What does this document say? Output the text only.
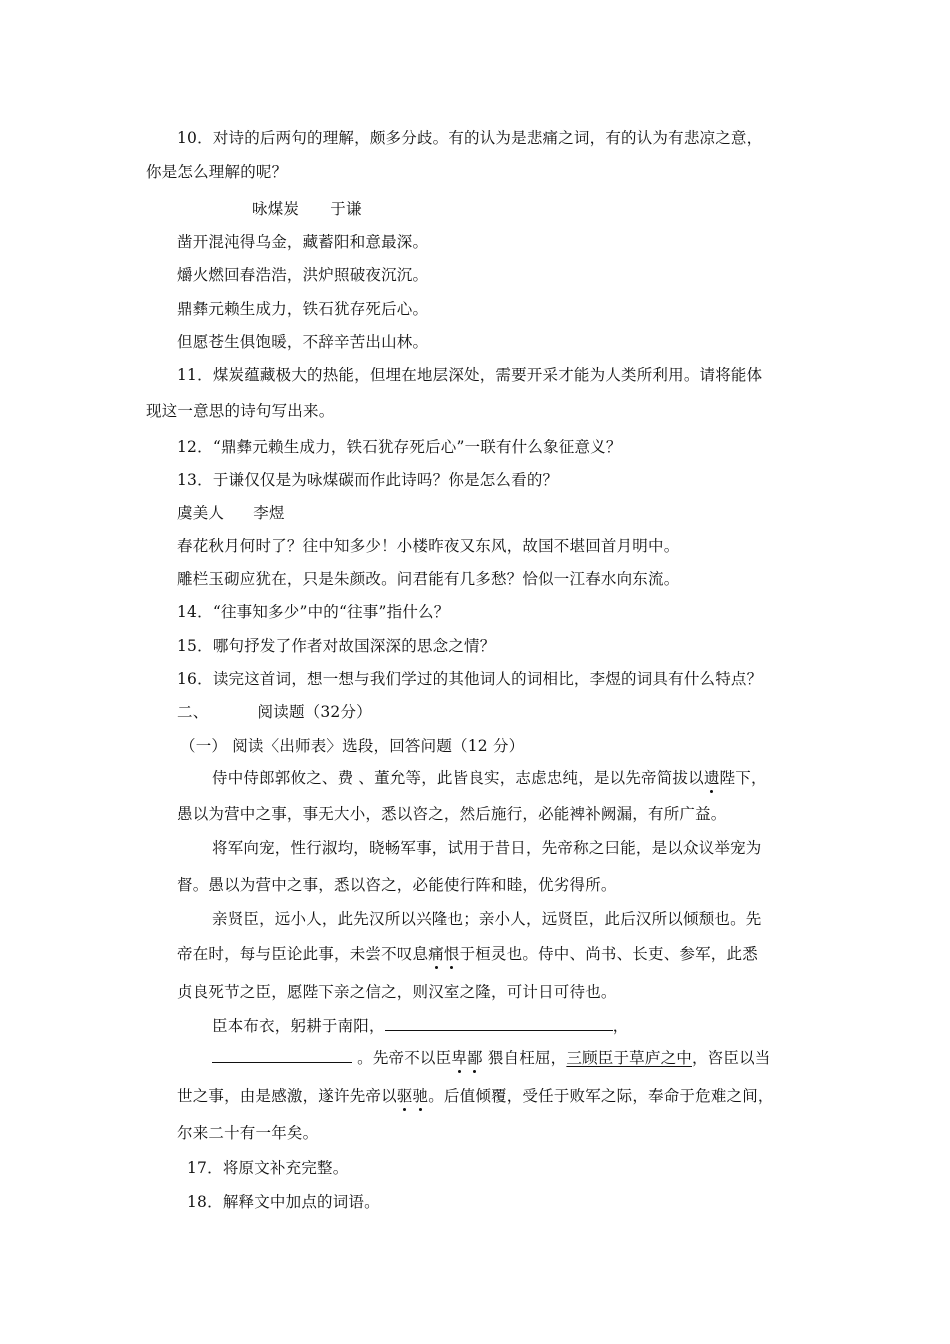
10．对诗的后两句的理解，颇多分歧。有的认为是悲痛之词，有的认为有悲凉之意，
你是怎么理解的呢？
咏煤炭 于谦
凿开混沌得乌金，藏蓄阳和意最深。
爝火燃回春浩浩，洪炉照破夜沉沉。
鼎彝元赖生成力，铁石犹存死后心。
但愿苍生俱饱暖，不辞辛苦出山林。
11．煤炭蕴藏极大的热能，但埋在地层深处，需要开采才能为人类所利用。请将能体
现这一意思的诗句写出来。
12．“鼎彝元赖生成力，铁石犹存死后心”一联有什么象征意义？
13．于谦仅仅是为咏煤碳而作此诗吗？你是怎么看的？
虞美人 李煜
春花秋月何时了？往中知多少！小楼昨夜又东风，故国不堪回首月明中。
雕栏玉砌应犹在，只是朱颜改。问君能有几多愁？恰似一江春水向东流。
14．“往事知多少”中的“往事”指什么？
15．哪句抒发了作者对故国深深的思念之情？
16．读完这首词，想一想与我们学过的其他词人的词相比，李煜的词具有什么特点？
二、	阅读题（32分）
（一） 阅读〈出师表〉选段，回答问题（12 分）
侍中侍郎郭攸之、费 、董允等，此皆良实，志虑忠纯，是以先帝简拔以遗陛下，
愚以为营中之事，事无大小，悉以咨之，然后施行，必能裨补阙漏，有所广益。
将军向宠，性行淑均，晓畅军事，试用于昔日，先帝称之曰能，是以众议举宠为
督。愚以为营中之事，悉以咨之，必能使行阵和睦，优劣得所。
亲贤臣，远小人，此先汉所以兴隆也；亲小人，远贤臣，此后汉所以倾颓也。先
帝在时，每与臣论此事，未尝不叹息痛恨于桓灵也。侍中、尚书、长吏、参军，此悉
贞良死节之臣，愿陛下亲之信之，则汉室之隆，可计日可待也。
臣本布衣，躬耕于南阳，	，
。先帝不以臣卑鄙 猥自枉屈，三顾臣于草庐之中，咨臣以当
世之事，由是感激，遂许先帝以驱驰。后值倾覆，受任于败军之际，奉命于危难之间，
尔来二十有一年矣。
17．将原文补充完整。
18．解释文中加点的词语。
